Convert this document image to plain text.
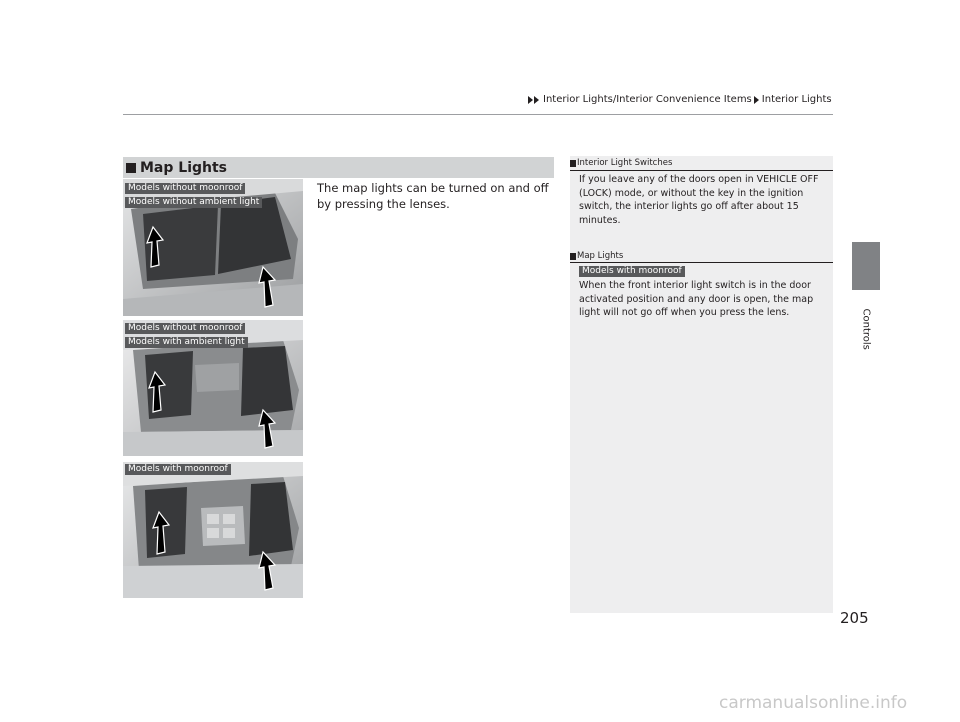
Interior Lights/Interior Convenience Items Interior Lights
Controls
Map Lights
The map lights can be turned on and off by pressing the lenses.
Models without moonroof
Models without ambient light
Models without moonroof
Models with ambient light
Models with moonroof
Interior Light Switches
If you leave any of the doors open in VEHICLE OFF (LOCK) mode, or without the key in the ignition switch, the interior lights go off after about 15 minutes.
Map Lights
Models with moonroof
When the front interior light switch is in the door activated position and any door is open, the map light will not go off when you press the lens.
205
carmanualsonline.info
